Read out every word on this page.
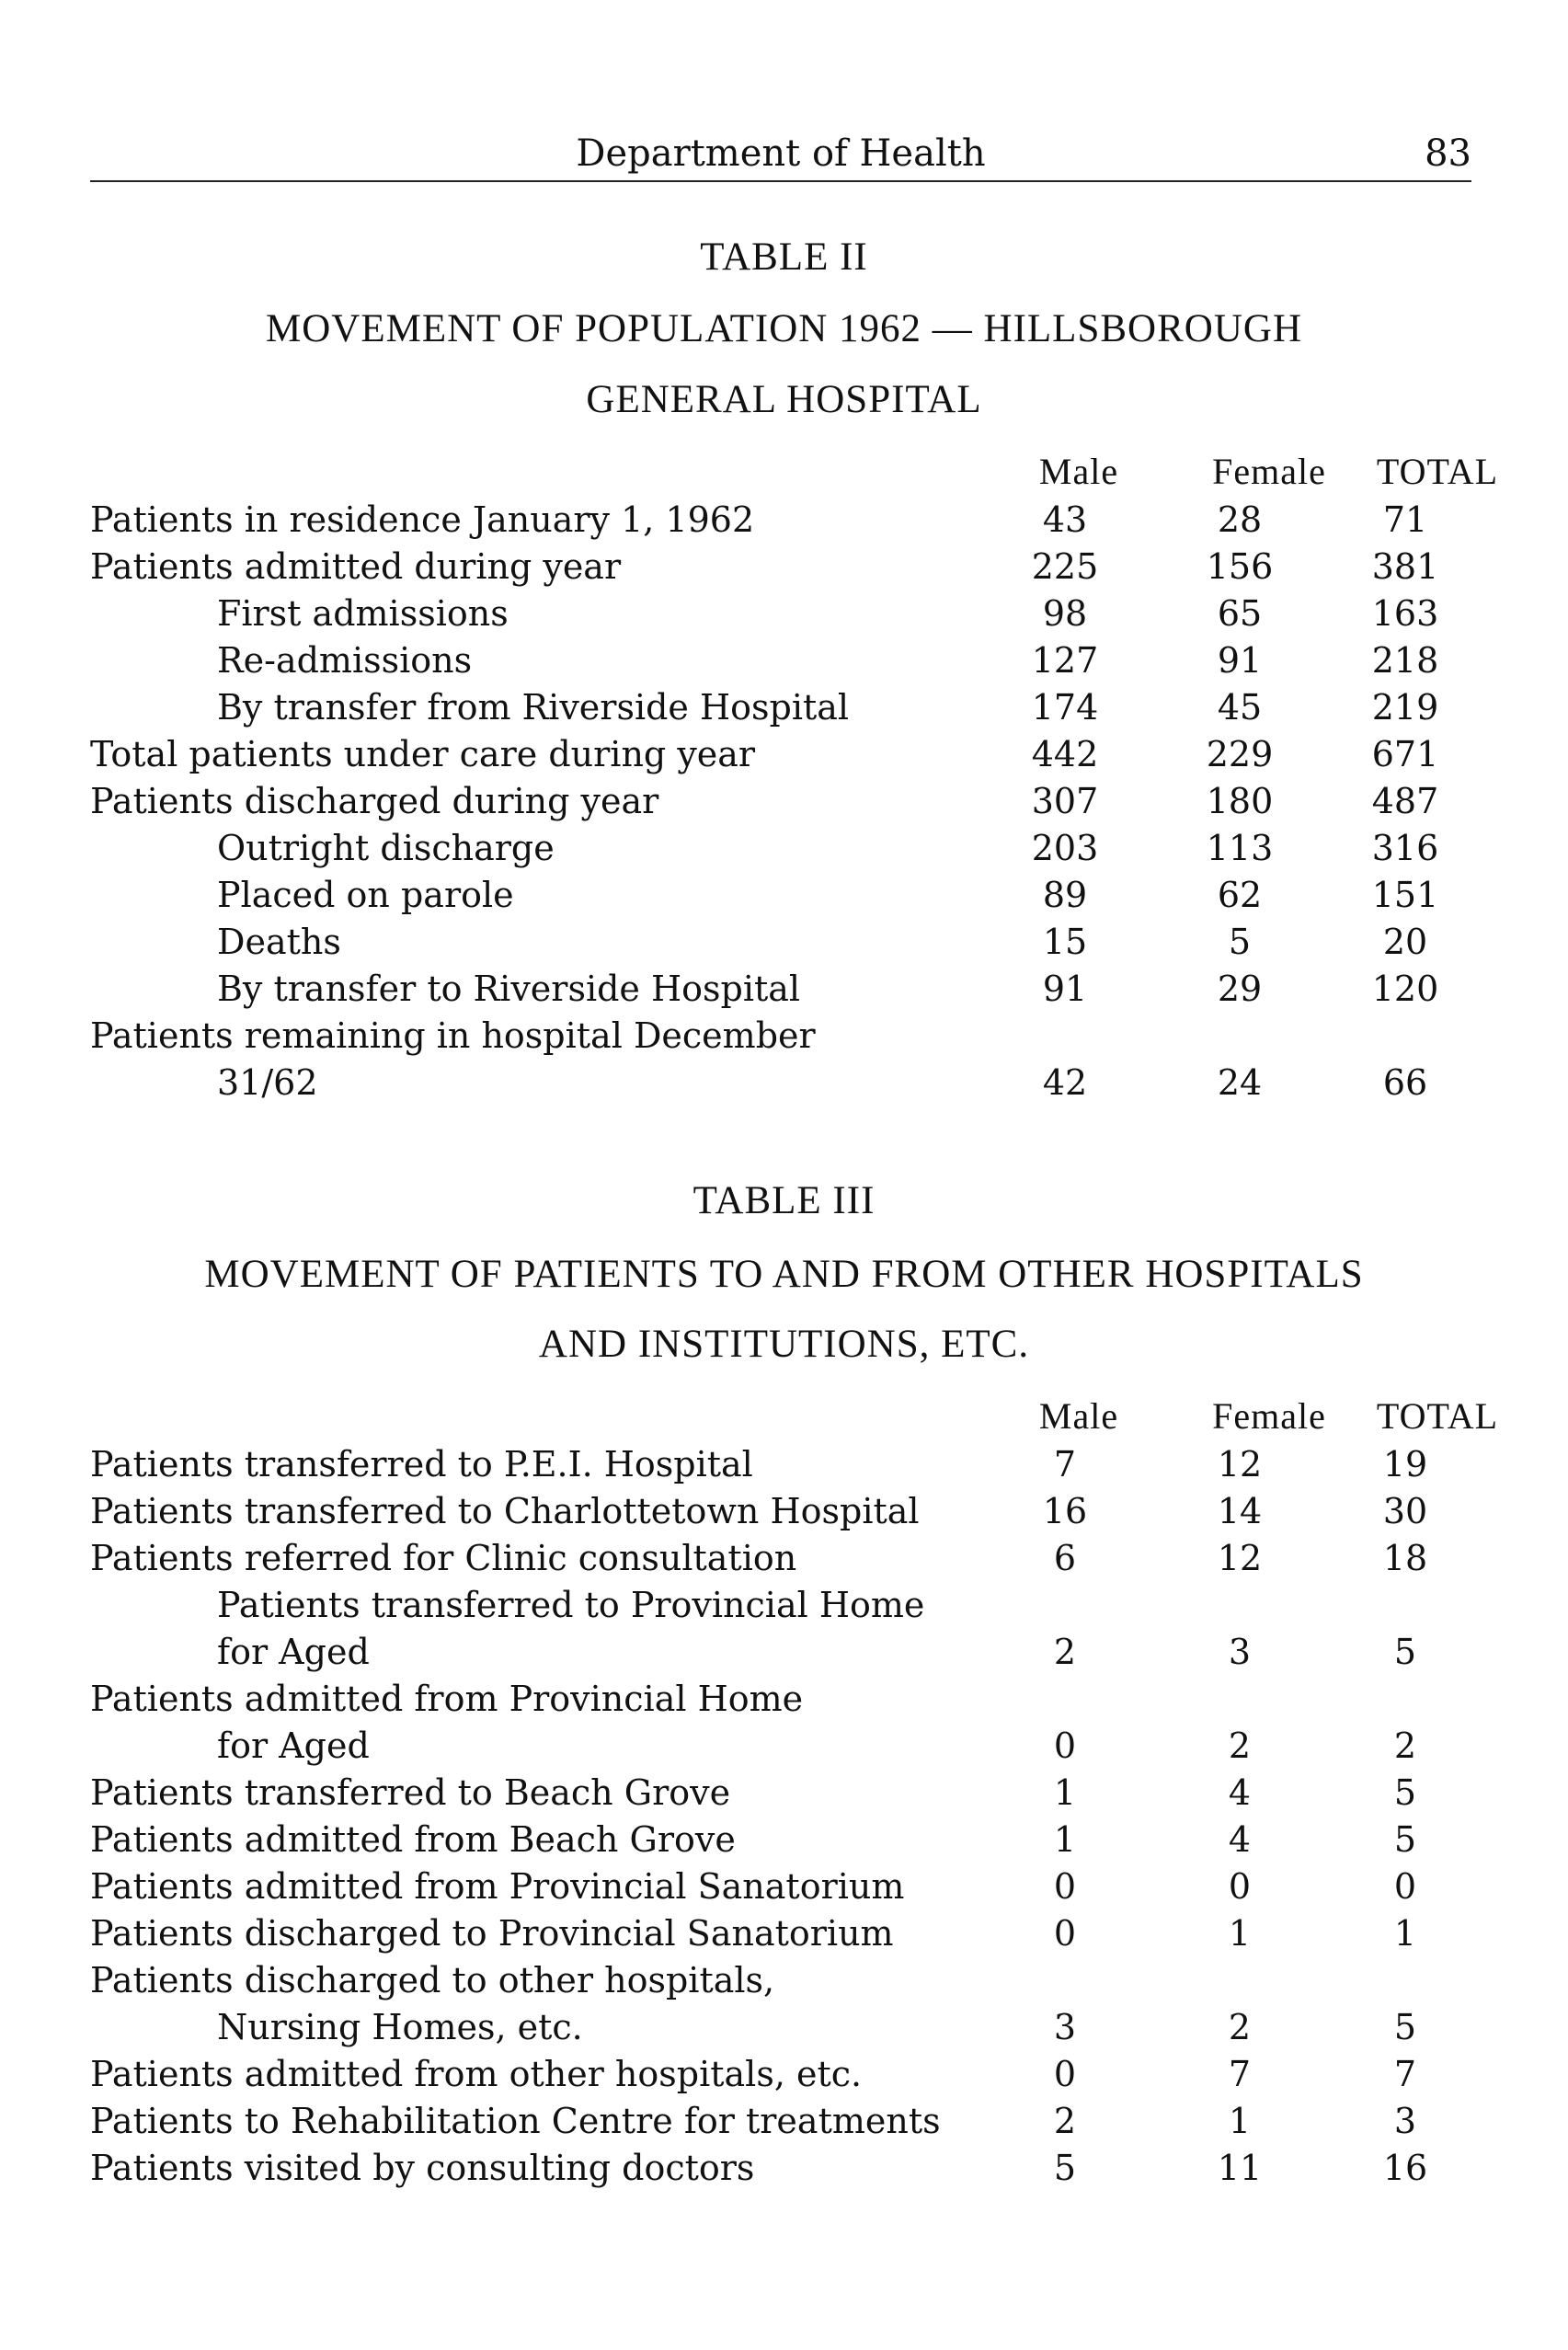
Department of Health	83
TABLE II
MOVEMENT OF POPULATION 1962 — HILLSBOROUGH
GENERAL HOSPITAL
Male	Female	TOTAL
Patients in residence January 1, 1962	43	28	71
Patients admitted during year	225	156	381
First admissions	98	65	163
Re-admissions	127	91	218
By transfer from Riverside Hospital	174	45	219
Total patients under care during year	442	229	671
Patients discharged during year	307	180	487
Outright discharge	203	113	316
Placed on parole	89	62	151
Deaths	15	5	20
By transfer to Riverside Hospital	91	29	120
Patients remaining in hospital December
31/62	42	24	66
TABLE III
MOVEMENT OF PATIENTS TO AND FROM OTHER HOSPITALS
AND INSTITUTIONS, ETC.
Male	Female	TOTAL
Patients transferred to P.E.I. Hospital	7	12	19
Patients transferred to Charlottetown Hospital	16	14	30
Patients referred for Clinic consultation	6	12	18
Patients transferred to Provincial Home
for Aged	2	3	5
Patients admitted from Provincial Home
for Aged	0	2	2
Patients transferred to Beach Grove	1	4	5
Patients admitted from Beach Grove	1	4	5
Patients admitted from Provincial Sanatorium	0	0	0
Patients discharged to Provincial Sanatorium	0	1	1
Patients discharged to other hospitals,
Nursing Homes, etc.	3	2	5
Patients admitted from other hospitals, etc.	0	7	7
Patients to Rehabilitation Centre for treatments	2	1	3
Patients visited by consulting doctors	5	11	16
